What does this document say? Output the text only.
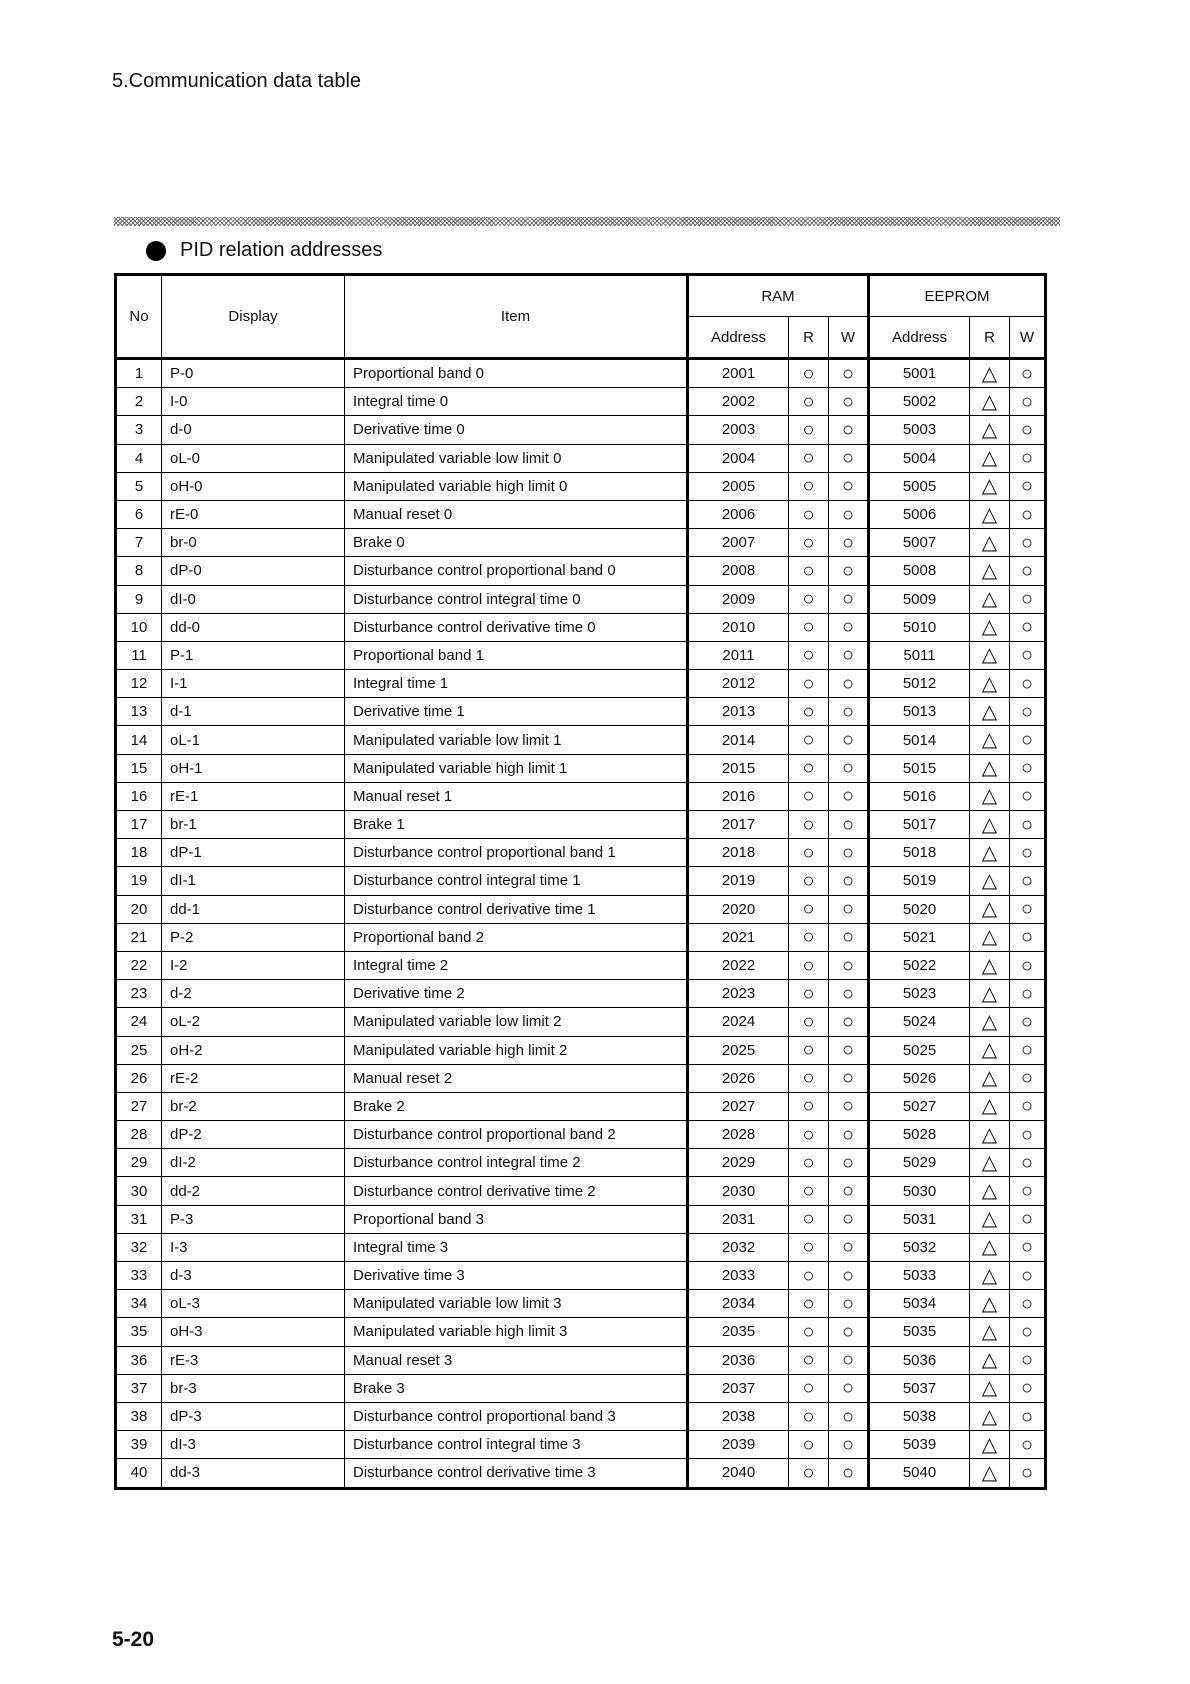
5.Communication data table
PID relation addresses
No	Display	Item	RAM			EEPROM		
			Address	R	W	Address	R	W
1	P-0	Proportional band 0	2001	○	○	5001	△	○
2	I-0	Integral time 0	2002	○	○	5002	△	○
3	d-0	Derivative time 0	2003	○	○	5003	△	○
4	oL-0	Manipulated variable low limit 0	2004	○	○	5004	△	○
5	oH-0	Manipulated variable high limit 0	2005	○	○	5005	△	○
6	rE-0	Manual reset 0	2006	○	○	5006	△	○
7	br-0	Brake 0	2007	○	○	5007	△	○
8	dP-0	Disturbance control proportional band 0	2008	○	○	5008	△	○
9	dI-0	Disturbance control integral time 0	2009	○	○	5009	△	○
10	dd-0	Disturbance control derivative time 0	2010	○	○	5010	△	○
11	P-1	Proportional band 1	2011	○	○	5011	△	○
12	I-1	Integral time 1	2012	○	○	5012	△	○
13	d-1	Derivative time 1	2013	○	○	5013	△	○
14	oL-1	Manipulated variable low limit 1	2014	○	○	5014	△	○
15	oH-1	Manipulated variable high limit 1	2015	○	○	5015	△	○
16	rE-1	Manual reset 1	2016	○	○	5016	△	○
17	br-1	Brake 1	2017	○	○	5017	△	○
18	dP-1	Disturbance control proportional band 1	2018	○	○	5018	△	○
19	dI-1	Disturbance control integral time 1	2019	○	○	5019	△	○
20	dd-1	Disturbance control derivative time 1	2020	○	○	5020	△	○
21	P-2	Proportional band 2	2021	○	○	5021	△	○
22	I-2	Integral time 2	2022	○	○	5022	△	○
23	d-2	Derivative time 2	2023	○	○	5023	△	○
24	oL-2	Manipulated variable low limit 2	2024	○	○	5024	△	○
25	oH-2	Manipulated variable high limit 2	2025	○	○	5025	△	○
26	rE-2	Manual reset 2	2026	○	○	5026	△	○
27	br-2	Brake 2	2027	○	○	5027	△	○
28	dP-2	Disturbance control proportional band 2	2028	○	○	5028	△	○
29	dI-2	Disturbance control integral time 2	2029	○	○	5029	△	○
30	dd-2	Disturbance control derivative time 2	2030	○	○	5030	△	○
31	P-3	Proportional band 3	2031	○	○	5031	△	○
32	I-3	Integral time 3	2032	○	○	5032	△	○
33	d-3	Derivative time 3	2033	○	○	5033	△	○
34	oL-3	Manipulated variable low limit 3	2034	○	○	5034	△	○
35	oH-3	Manipulated variable high limit 3	2035	○	○	5035	△	○
36	rE-3	Manual reset 3	2036	○	○	5036	△	○
37	br-3	Brake 3	2037	○	○	5037	△	○
38	dP-3	Disturbance control proportional band 3	2038	○	○	5038	△	○
39	dI-3	Disturbance control integral time 3	2039	○	○	5039	△	○
40	dd-3	Disturbance control derivative time 3	2040	○	○	5040	△	○
5-20
